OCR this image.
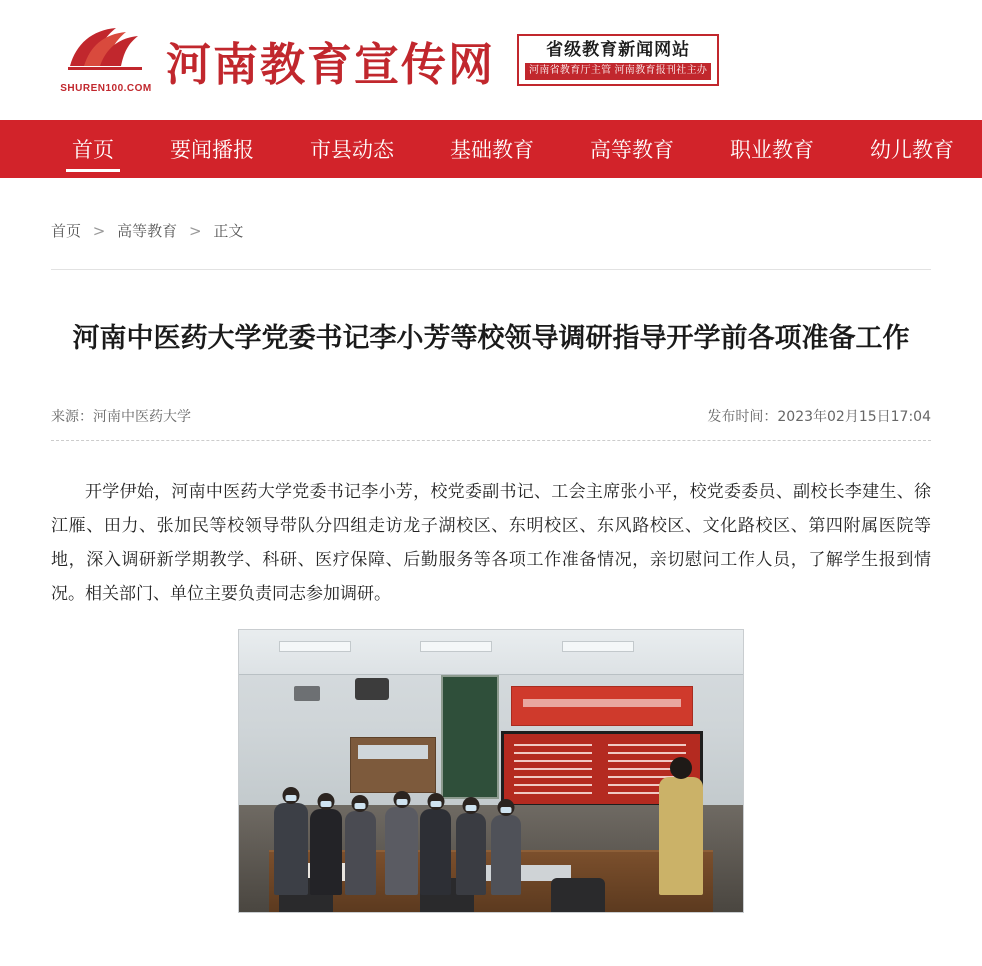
SHUREN100.COM 河南教育宣传网	省级教育新闻网站
河南省教育厅主管 河南教育报刊社主办
首页	要闻播报	市县动态	基础教育	高等教育	职业教育	幼儿教育
首页 > 高等教育 > 正文
河南中医药大学党委书记李小芳等校领导调研指导开学前各项准备工作
来源：河南中医药大学	发布时间：2023年02月15日17:04

开学伊始，河南中医药大学党委书记李小芳，校党委副书记、工会主席张小平，校党委委员、副校长李建生、徐江雁、田力、张加民等校领导带队分四组走访龙子湖校区、东明校区、东风路校区、文化路校区、第四附属医院等地，深入调研新学期教学、科研、医疗保障、后勤服务等各项工作准备情况，亲切慰问工作人员，了解学生报到情况。相关部门、单位主要负责同志参加调研。
